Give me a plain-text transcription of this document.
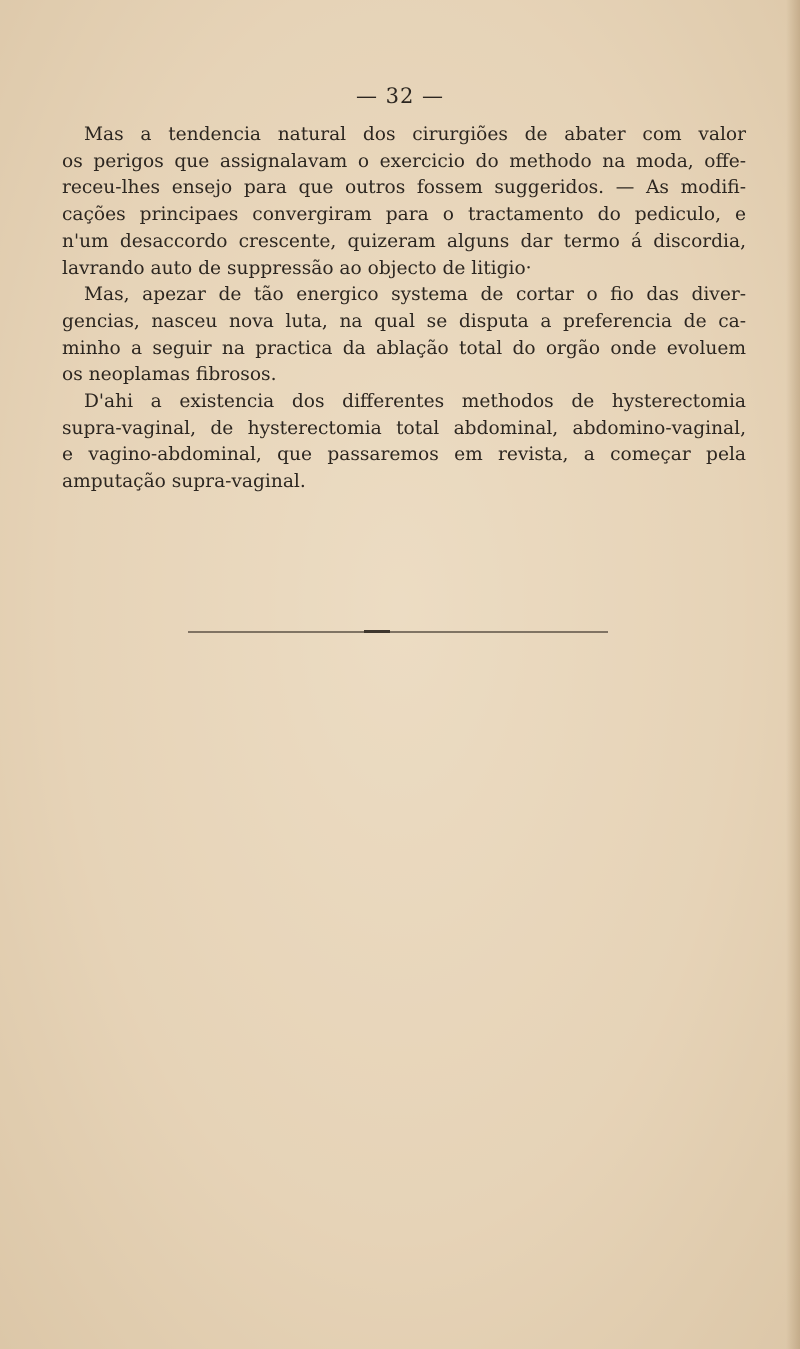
— 32 —
Mas a tendencia natural dos cirurgiões de abater com valor
os perigos que assignalavam o exercicio do methodo na moda, offe-
receu-lhes ensejo para que outros fossem suggeridos. — As modifi-
cações principaes convergiram para o tractamento do pediculo, e
n'um desaccordo crescente, quizeram alguns dar termo á discordia,
lavrando auto de suppressão ao objecto de litigio·
Mas, apezar de tão energico systema de cortar o fio das diver-
gencias, nasceu nova luta, na qual se disputa a preferencia de ca-
minho a seguir na practica da ablação total do orgão onde evoluem
os neoplamas fibrosos.
D'ahi a existencia dos differentes methodos de hysterectomia
supra-vaginal, de hysterectomia total abdominal, abdomino-vaginal,
e vagino-abdominal, que passaremos em revista, a começar pela
amputação supra-vaginal.
